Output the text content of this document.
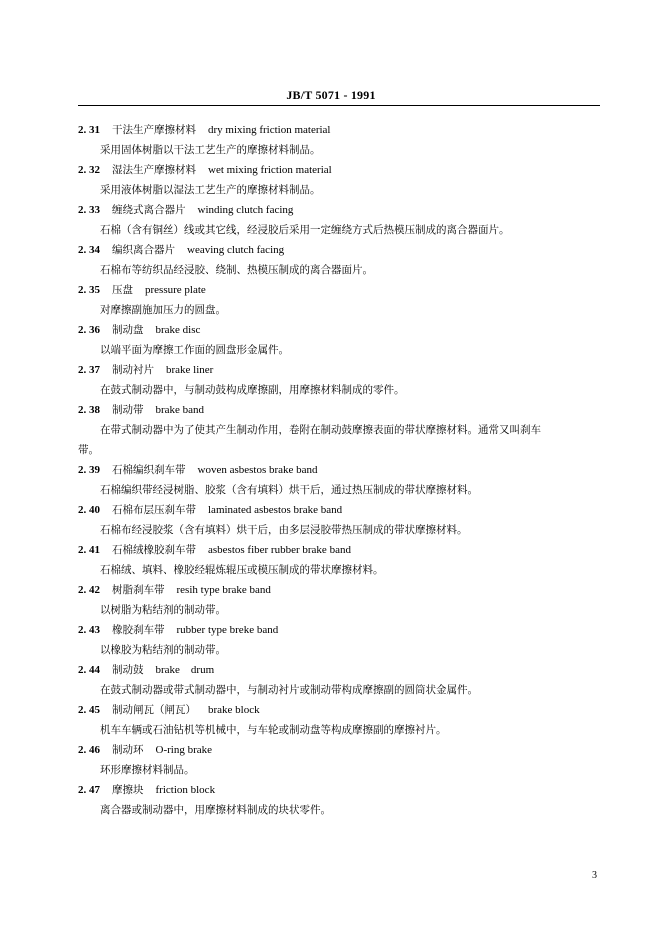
JB/T 5071 - 1991
2. 31 干法生产摩擦材料 dry mixing friction material
采用固体树脂以干法工艺生产的摩擦材料制品。
2. 32 湿法生产摩擦材料 wet mixing friction material
采用液体树脂以湿法工艺生产的摩擦材料制品。
2. 33 缠绕式离合器片 winding clutch facing
石棉（含有铜丝）线或其它线，经浸胶后采用一定缠绕方式后热模压制成的离合器面片。
2. 34 编织离合器片 weaving clutch facing
石棉布等纺织品经浸胶、绕制、热模压制成的离合器面片。
2. 35 压盘 pressure plate
对摩擦副施加压力的圆盘。
2. 36 制动盘 brake disc
以端平面为摩擦工作面的圆盘形金属件。
2. 37 制动衬片 brake liner
在鼓式制动器中，与制动鼓构成摩擦副，用摩擦材料制成的零件。
2. 38 制动带 brake band
在带式制动器中为了使其产生制动作用，卷附在制动鼓摩擦表面的带状摩擦材料。通常又叫刹车
带。
2. 39 石棉编织刹车带 woven asbestos brake band
石棉编织带经浸树脂、胶浆（含有填料）烘干后，通过热压制成的带状摩擦材料。
2. 40 石棉布层压刹车带 laminated asbestos brake band
石棉布经浸胶浆（含有填料）烘干后，由多层浸胶带热压制成的带状摩擦材料。
2. 41 石棉绒橡胶刹车带 asbestos fiber rubber brake band
石棉绒、填料、橡胶经辊炼辊压或模压制成的带状摩擦材料。
2. 42 树脂刹车带 resih type brake band
以树脂为粘结剂的制动带。
2. 43 橡胶刹车带 rubber type breke band
以橡胶为粘结剂的制动带。
2. 44 制动鼓 brake    drum
在鼓式制动器或带式制动器中，与制动衬片或制动带构成摩擦副的圆筒状金属件。
2. 45 制动闸瓦（闸瓦） brake block
机车车辆或石油钻机等机械中，与车轮或制动盘等构成摩擦副的摩擦衬片。
2. 46 制动环 O-ring brake
环形摩擦材料制品。
2. 47 摩擦块 friction block
离合器或制动器中，用摩擦材料制成的块状零件。
3
